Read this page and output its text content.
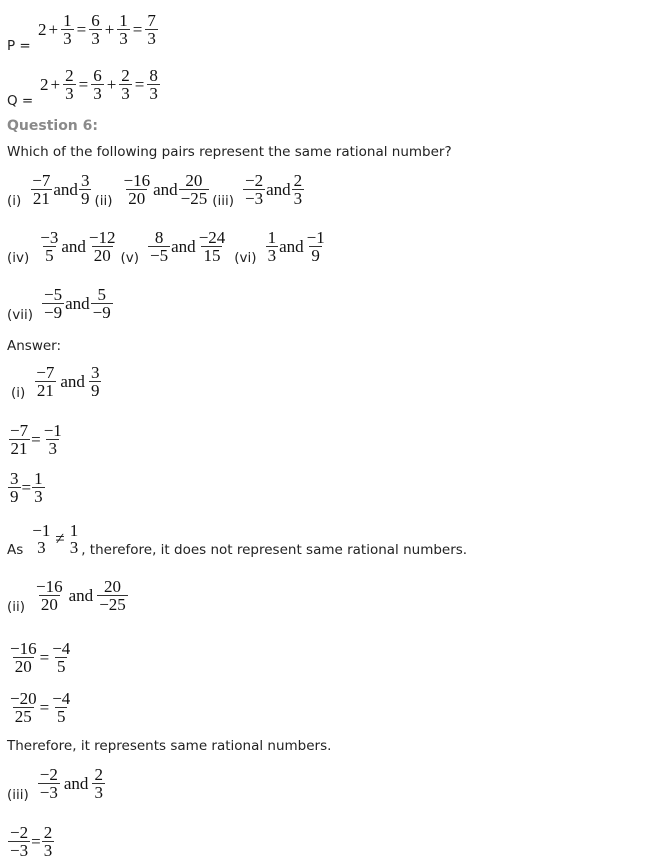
P =
$2 + \frac{1}{3} = \frac{6}{3} + \frac{1}{3} = \frac{7}{3}$
Q =
$2 + \frac{2}{3} = \frac{6}{3} + \frac{2}{3} = \frac{8}{3}$
Question 6:
Which of the following pairs represent the same rational number?
$(i) \frac{-7}{21}$ and $\frac{3}{9} (ii) \frac{-16}{20}$ and $\frac{20}{-25} (iii) \frac{-2}{-3}$ and $\frac{2}{3}$
$(iv) \frac{-3}{5}$ and $\frac{-12}{20} (v) \frac{8}{-5}$ and $\frac{-24}{15} (vi) \frac{1}{3}$ and $\frac{-1}{9}$
$(vii) \frac{-5}{-9}$ and $\frac{5}{-9}$
Answer:
$(i) \frac{-7}{21}$ and $\frac{3}{9}$
$\frac{-7}{21} = \frac{-1}{3}$
$\frac{3}{9} = \frac{1}{3}$
As
−1
3 ≠ 1
3 , therefore, it does not represent same rational numbers.
$(ii) \frac{-16}{20}$ and $\frac{20}{-25}$
$\frac{-16}{20} = \frac{-4}{5}$
$\frac{-20}{25} = \frac{-4}{5}$
Therefore, it represents same rational numbers.
$(iii) \frac{-2}{-3}$ and $\frac{2}{3}$
$\frac{-2}{-3} = \frac{2}{3}$
